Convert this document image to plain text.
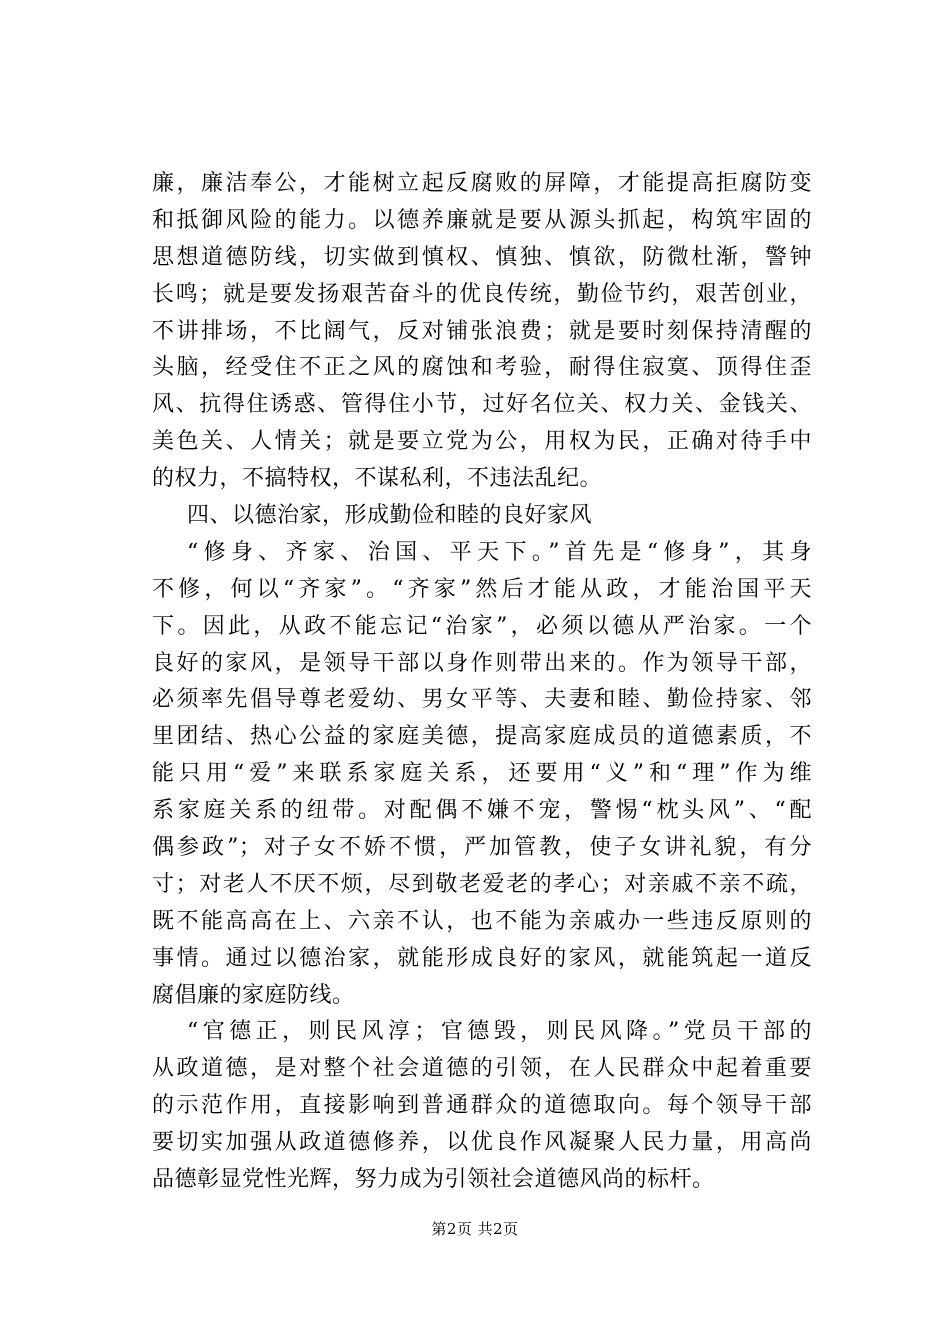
廉，廉洁奉公，才能树立起反腐败的屏障，才能提高拒腐防变
和抵御风险的能力。以德养廉就是要从源头抓起，构筑牢固的
思想道德防线，切实做到慎权、慎独、慎欲，防微杜渐，警钟
长鸣；就是要发扬艰苦奋斗的优良传统，勤俭节约，艰苦创业，
不讲排场，不比阔气，反对铺张浪费；就是要时刻保持清醒的
头脑，经受住不正之风的腐蚀和考验，耐得住寂寞、顶得住歪
风、抗得住诱惑、管得住小节，过好名位关、权力关、金钱关、
美色关、人情关；就是要立党为公，用权为民，正确对待手中
的权力，不搞特权，不谋私利，不违法乱纪。
四、以德治家，形成勤俭和睦的良好家风
“修身、齐家、治国、平天下。”首先是“修身”，其身
不修，何以“齐家”。“齐家”然后才能从政，才能治国平天
下。因此，从政不能忘记“治家”，必须以德从严治家。一个
良好的家风，是领导干部以身作则带出来的。作为领导干部，
必须率先倡导尊老爱幼、男女平等、夫妻和睦、勤俭持家、邻
里团结、热心公益的家庭美德，提高家庭成员的道德素质，不
能只用“爱”来联系家庭关系，还要用“义”和“理”作为维
系家庭关系的纽带。对配偶不嫌不宠，警惕“枕头风”、“配
偶参政”；对子女不娇不惯，严加管教，使子女讲礼貌，有分
寸；对老人不厌不烦，尽到敬老爱老的孝心；对亲戚不亲不疏，
既不能高高在上、六亲不认，也不能为亲戚办一些违反原则的
事情。通过以德治家，就能形成良好的家风，就能筑起一道反
腐倡廉的家庭防线。
“官德正，则民风淳；官德毁，则民风降。”党员干部的
从政道德，是对整个社会道德的引领，在人民群众中起着重要
的示范作用，直接影响到普通群众的道德取向。每个领导干部
要切实加强从政道德修养，以优良作风凝聚人民力量，用高尚
品德彰显党性光辉，努力成为引领社会道德风尚的标杆。
第2页 共2页
